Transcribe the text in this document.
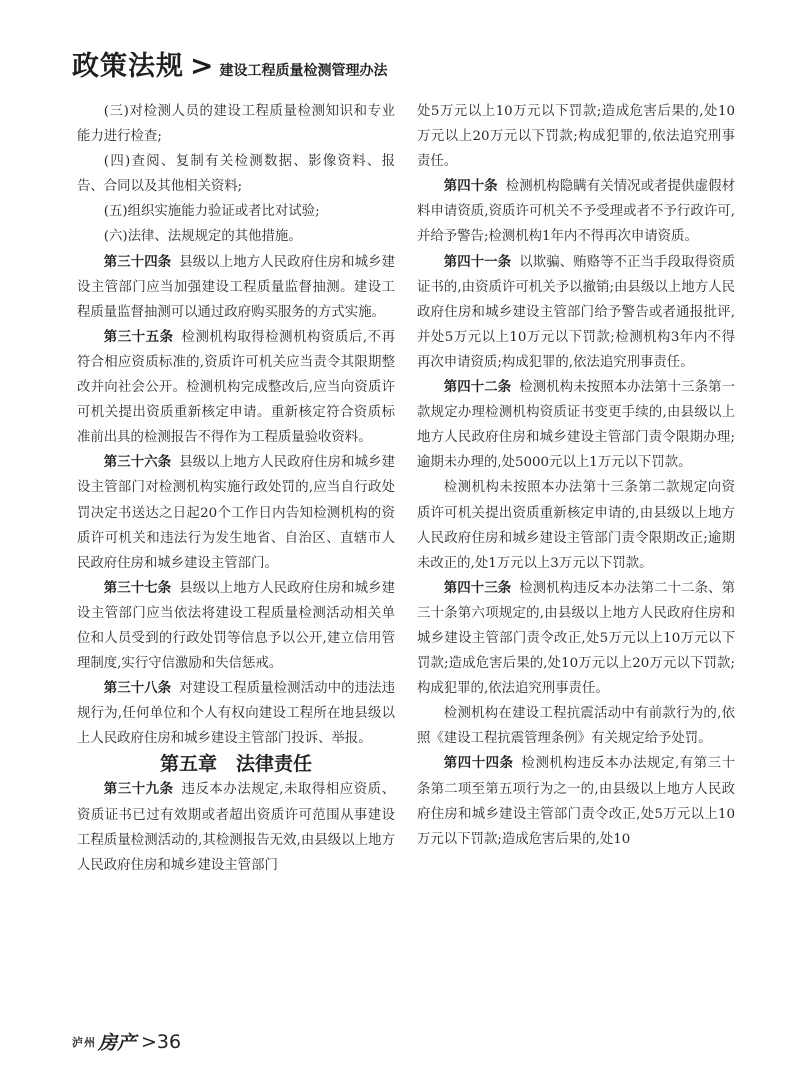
政策法规 > 建设工程质量检测管理办法

(三)对检测人员的建设工程质量检测知识和专业能力进行检查;

(四)查阅、复制有关检测数据、影像资料、报告、合同以及其他相关资料;

(五)组织实施能力验证或者比对试验;

(六)法律、法规规定的其他措施。

第三十四条 县级以上地方人民政府住房和城乡建设主管部门应当加强建设工程质量监督抽测。建设工程质量监督抽测可以通过政府购买服务的方式实施。

第三十五条 检测机构取得检测机构资质后,不再符合相应资质标准的,资质许可机关应当责令其限期整改并向社会公开。检测机构完成整改后,应当向资质许可机关提出资质重新核定申请。重新核定符合资质标准前出具的检测报告不得作为工程质量验收资料。

第三十六条 县级以上地方人民政府住房和城乡建设主管部门对检测机构实施行政处罚的,应当自行政处罚决定书送达之日起20个工作日内告知检测机构的资质许可机关和违法行为发生地省、自治区、直辖市人民政府住房和城乡建设主管部门。

第三十七条 县级以上地方人民政府住房和城乡建设主管部门应当依法将建设工程质量检测活动相关单位和人员受到的行政处罚等信息予以公开,建立信用管理制度,实行守信激励和失信惩戒。

第三十八条 对建设工程质量检测活动中的违法违规行为,任何单位和个人有权向建设工程所在地县级以上人民政府住房和城乡建设主管部门投诉、举报。

第五章　法律责任

第三十九条 违反本办法规定,未取得相应资质、资质证书已过有效期或者超出资质许可范围从事建设工程质量检测活动的,其检测报告无效,由县级以上地方人民政府住房和城乡建设主管部门

处5万元以上10万元以下罚款;造成危害后果的,处10万元以上20万元以下罚款;构成犯罪的,依法追究刑事责任。

第四十条 检测机构隐瞒有关情况或者提供虚假材料申请资质,资质许可机关不予受理或者不予行政许可,并给予警告;检测机构1年内不得再次申请资质。

第四十一条 以欺骗、贿赂等不正当手段取得资质证书的,由资质许可机关予以撤销;由县级以上地方人民政府住房和城乡建设主管部门给予警告或者通报批评,并处5万元以上10万元以下罚款;检测机构3年内不得再次申请资质;构成犯罪的,依法追究刑事责任。

第四十二条 检测机构未按照本办法第十三条第一款规定办理检测机构资质证书变更手续的,由县级以上地方人民政府住房和城乡建设主管部门责令限期办理;逾期未办理的,处5000元以上1万元以下罚款。

检测机构未按照本办法第十三条第二款规定向资质许可机关提出资质重新核定申请的,由县级以上地方人民政府住房和城乡建设主管部门责令限期改正;逾期未改正的,处1万元以上3万元以下罚款。

第四十三条 检测机构违反本办法第二十二条、第三十条第六项规定的,由县级以上地方人民政府住房和城乡建设主管部门责令改正,处5万元以上10万元以下罚款;造成危害后果的,处10万元以上20万元以下罚款;构成犯罪的,依法追究刑事责任。

检测机构在建设工程抗震活动中有前款行为的,依照《建设工程抗震管理条例》有关规定给予处罚。

第四十四条 检测机构违反本办法规定,有第三十条第二项至第五项行为之一的,由县级以上地方人民政府住房和城乡建设主管部门责令改正,处5万元以上10万元以下罚款;造成危害后果的,处10

泸州 房产 >36
